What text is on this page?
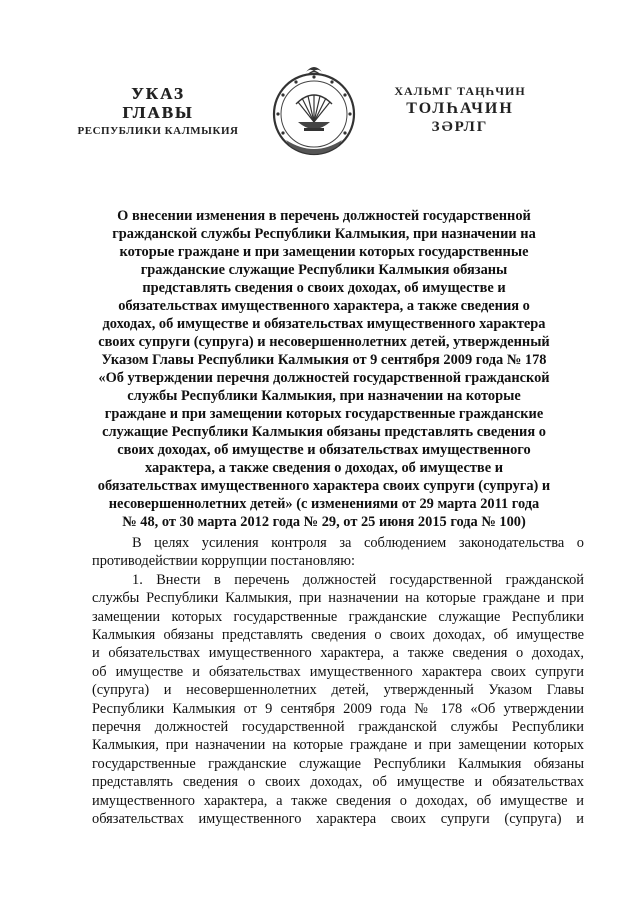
УКАЗ
ГЛАВЫ
РЕСПУБЛИКИ КАЛМЫКИЯ
ХАЛЬМГ ТАҢҺЧИН
ТОЛҺАЧИН
ЗӘРЛГ
О внесении изменения в перечень должностей государственной
гражданской службы Республики Калмыкия, при назначении на
которые граждане и при замещении которых государственные
гражданские служащие Республики Калмыкия обязаны
представлять сведения о своих доходах, об имуществе и
обязательствах имущественного характера, а также сведения о
доходах, об имуществе и обязательствах имущественного характера
своих супруги (супруга) и несовершеннолетних детей, утвержденный
Указом Главы Республики Калмыкия от 9 сентября 2009 года № 178
«Об утверждении перечня должностей государственной гражданской
службы Республики Калмыкия, при назначении на которые
граждане и при замещении которых государственные гражданские
служащие Республики Калмыкия обязаны представлять сведения о
своих доходах, об имуществе и обязательствах имущественного
характера, а также сведения о доходах, об имуществе и
обязательствах имущественного характера своих супруги (супруга) и
несовершеннолетних детей» (с изменениями от 29 марта 2011 года
№ 48, от 30 марта 2012 года № 29, от 25 июня 2015 года № 100)
В целях усиления контроля за соблюдением законодательства о
противодействии коррупции постановляю:
1. Внести в перечень должностей государственной гражданской
службы Республики Калмыкия, при назначении на которые граждане и при
замещении которых государственные гражданские служащие Республики
Калмыкия обязаны представлять сведения о своих доходах, об имуществе
и обязательствах имущественного характера, а также сведения о доходах,
об имуществе и обязательствах имущественного характера своих супруги
(супруга) и несовершеннолетних детей, утвержденный Указом Главы
Республики Калмыкия от 9 сентября 2009 года № 178 «Об утверждении
перечня должностей государственной гражданской службы Республики
Калмыкия, при назначении на которые граждане и при замещении которых
государственные гражданские служащие Республики Калмыкия обязаны
представлять сведения о своих доходах, об имуществе и обязательствах
имущественного характера, а также сведения о доходах, об имуществе и
обязательствах имущественного характера своих супруги (супруга) и
